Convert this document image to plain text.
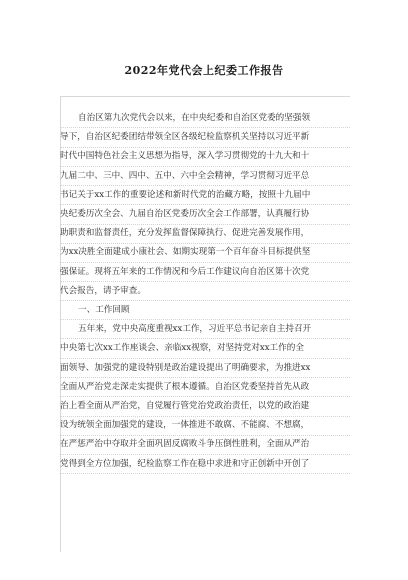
2022年党代会上纪委工作报告
自治区第九次党代会以来，在中央纪委和自治区党委的坚强领
导下，自治区纪委团结带领全区各级纪检监察机关坚持以习近平新
时代中国特色社会主义思想为指导，深入学习贯彻党的十九大和十
九届二中、三中、四中、五中、六中全会精神，学习贯彻习近平总
书记关于xx工作的重要论述和新时代党的治藏方略，按照十九届中
央纪委历次全会、九届自治区党委历次全会工作部署，认真履行协
助职责和监督责任，充分发挥监督保障执行、促进完善发展作用，
为xx决胜全面建成小康社会、如期实现第一个百年奋斗目标提供坚
强保证。现将五年来的工作情况和今后工作建议向自治区第十次党
代会报告，请予审查。
一、工作回顾
五年来，党中央高度重视xx工作，习近平总书记亲自主持召开
中央第七次xx工作座谈会、亲临xx视察，对坚持党对xx工作的全
面领导、加强党的建设特别是政治建设提出了明确要求，为推进xx
全面从严治党走深走实提供了根本遵循。自治区党委坚持首先从政
治上看全面从严治党，自觉履行管党治党政治责任，以党的政治建
设为统领全面加强党的建设，一体推进不敢腐、不能腐、不想腐，
在严惩严治中夺取并全面巩固反腐败斗争压倒性胜利，全面从严治
党得到全方位加强，纪检监察工作在稳中求进和守正创新中开创了
